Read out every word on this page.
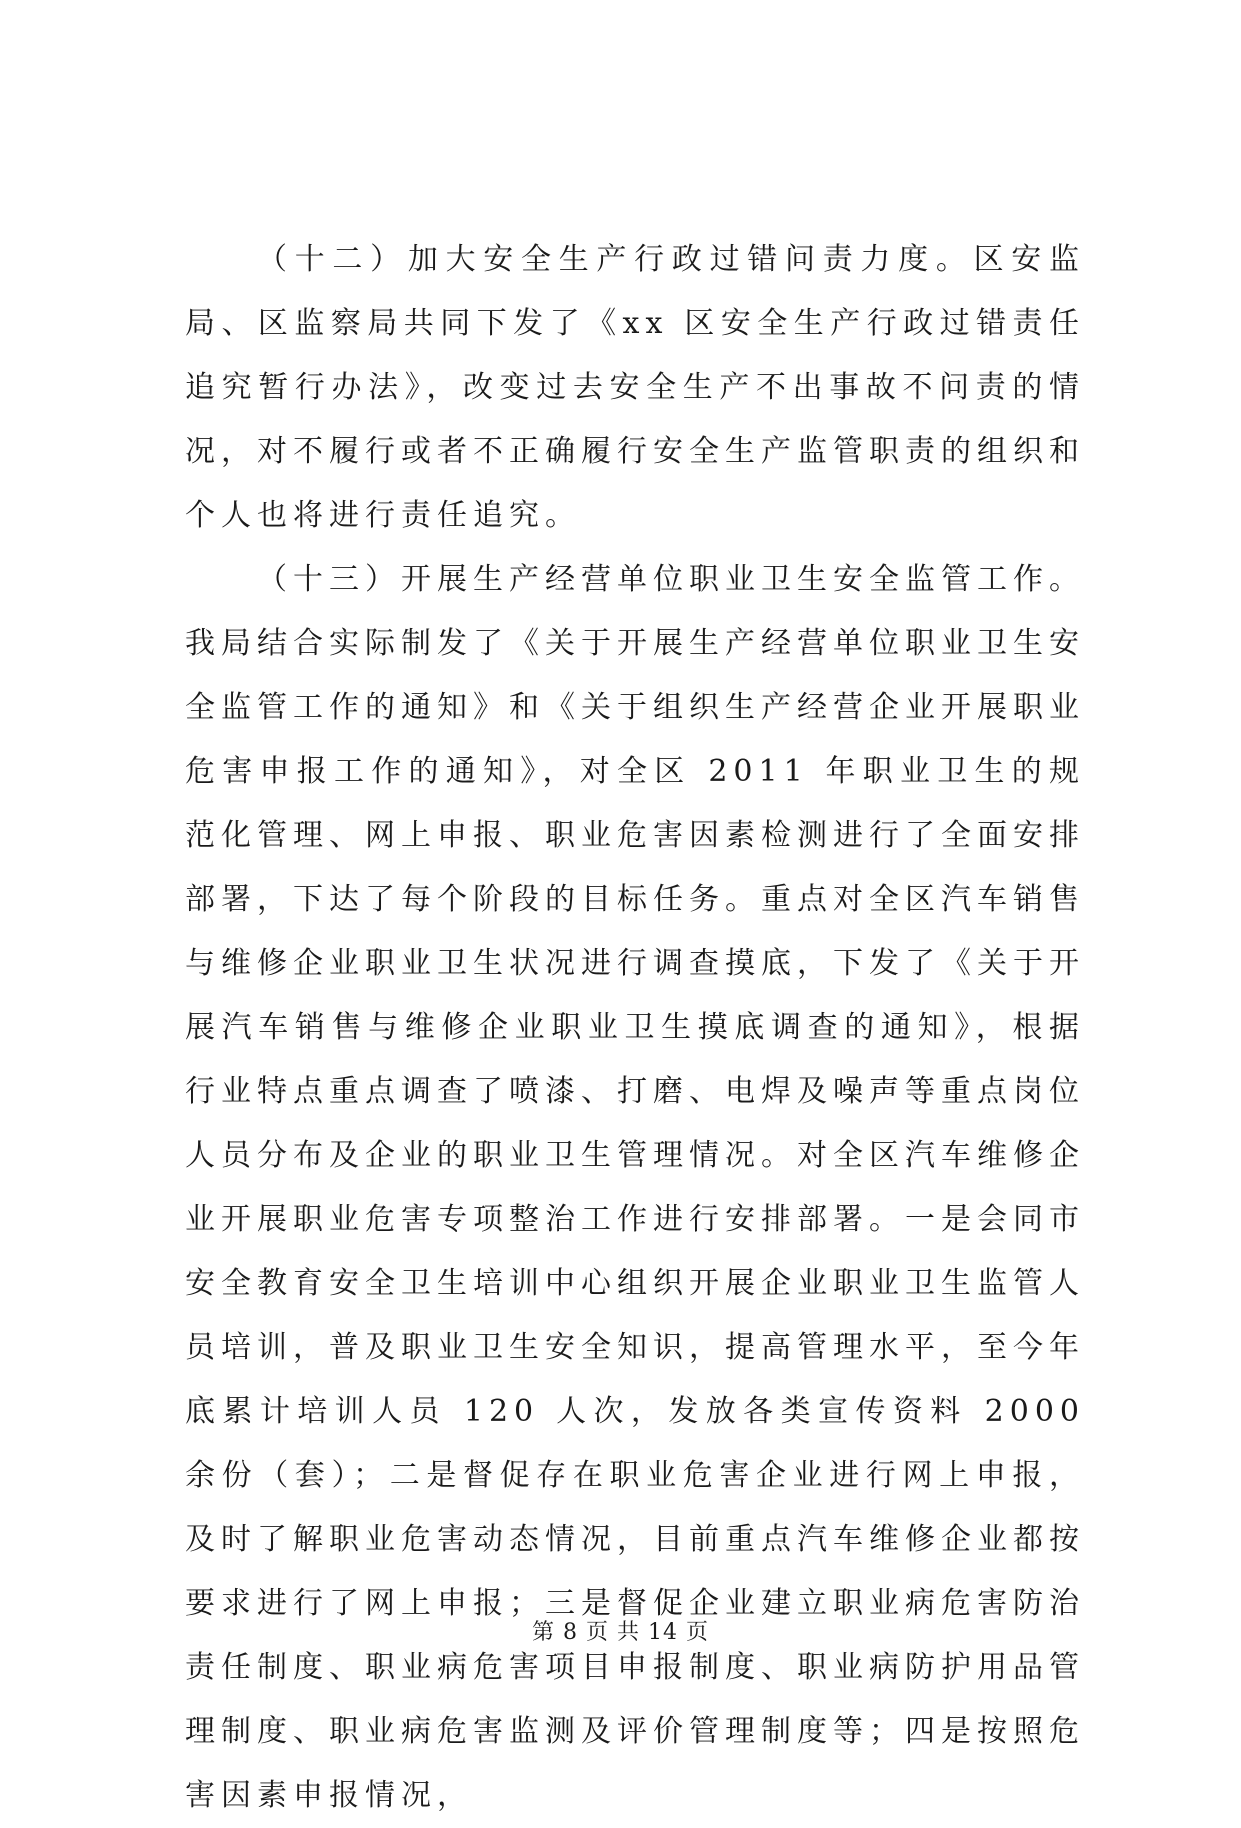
（十二）加大安全生产行政过错问责力度。区安监局、区监察局共同下发了《xx 区安全生产行政过错责任追究暂行办法》，改变过去安全生产不出事故不问责的情况，对不履行或者不正确履行安全生产监管职责的组织和个人也将进行责任追究。

（十三）开展生产经营单位职业卫生安全监管工作。我局结合实际制发了《关于开展生产经营单位职业卫生安全监管工作的通知》和《关于组织生产经营企业开展职业危害申报工作的通知》，对全区 2011 年职业卫生的规范化管理、网上申报、职业危害因素检测进行了全面安排部署，下达了每个阶段的目标任务。重点对全区汽车销售与维修企业职业卫生状况进行调查摸底，下发了《关于开展汽车销售与维修企业职业卫生摸底调查的通知》，根据行业特点重点调查了喷漆、打磨、电焊及噪声等重点岗位人员分布及企业的职业卫生管理情况。对全区汽车维修企业开展职业危害专项整治工作进行安排部署。一是会同市安全教育安全卫生培训中心组织开展企业职业卫生监管人员培训，普及职业卫生安全知识，提高管理水平，至今年底累计培训人员 120 人次，发放各类宣传资料 2000 余份（套）；二是督促存在职业危害企业进行网上申报，及时了解职业危害动态情况，目前重点汽车维修企业都按要求进行了网上申报；三是督促企业建立职业病危害防治责任制度、职业病危害项目申报制度、职业病防护用品管理制度、职业病危害监测及评价管理制度等；四是按照危害因素申报情况，

第 8 页 共 14 页
